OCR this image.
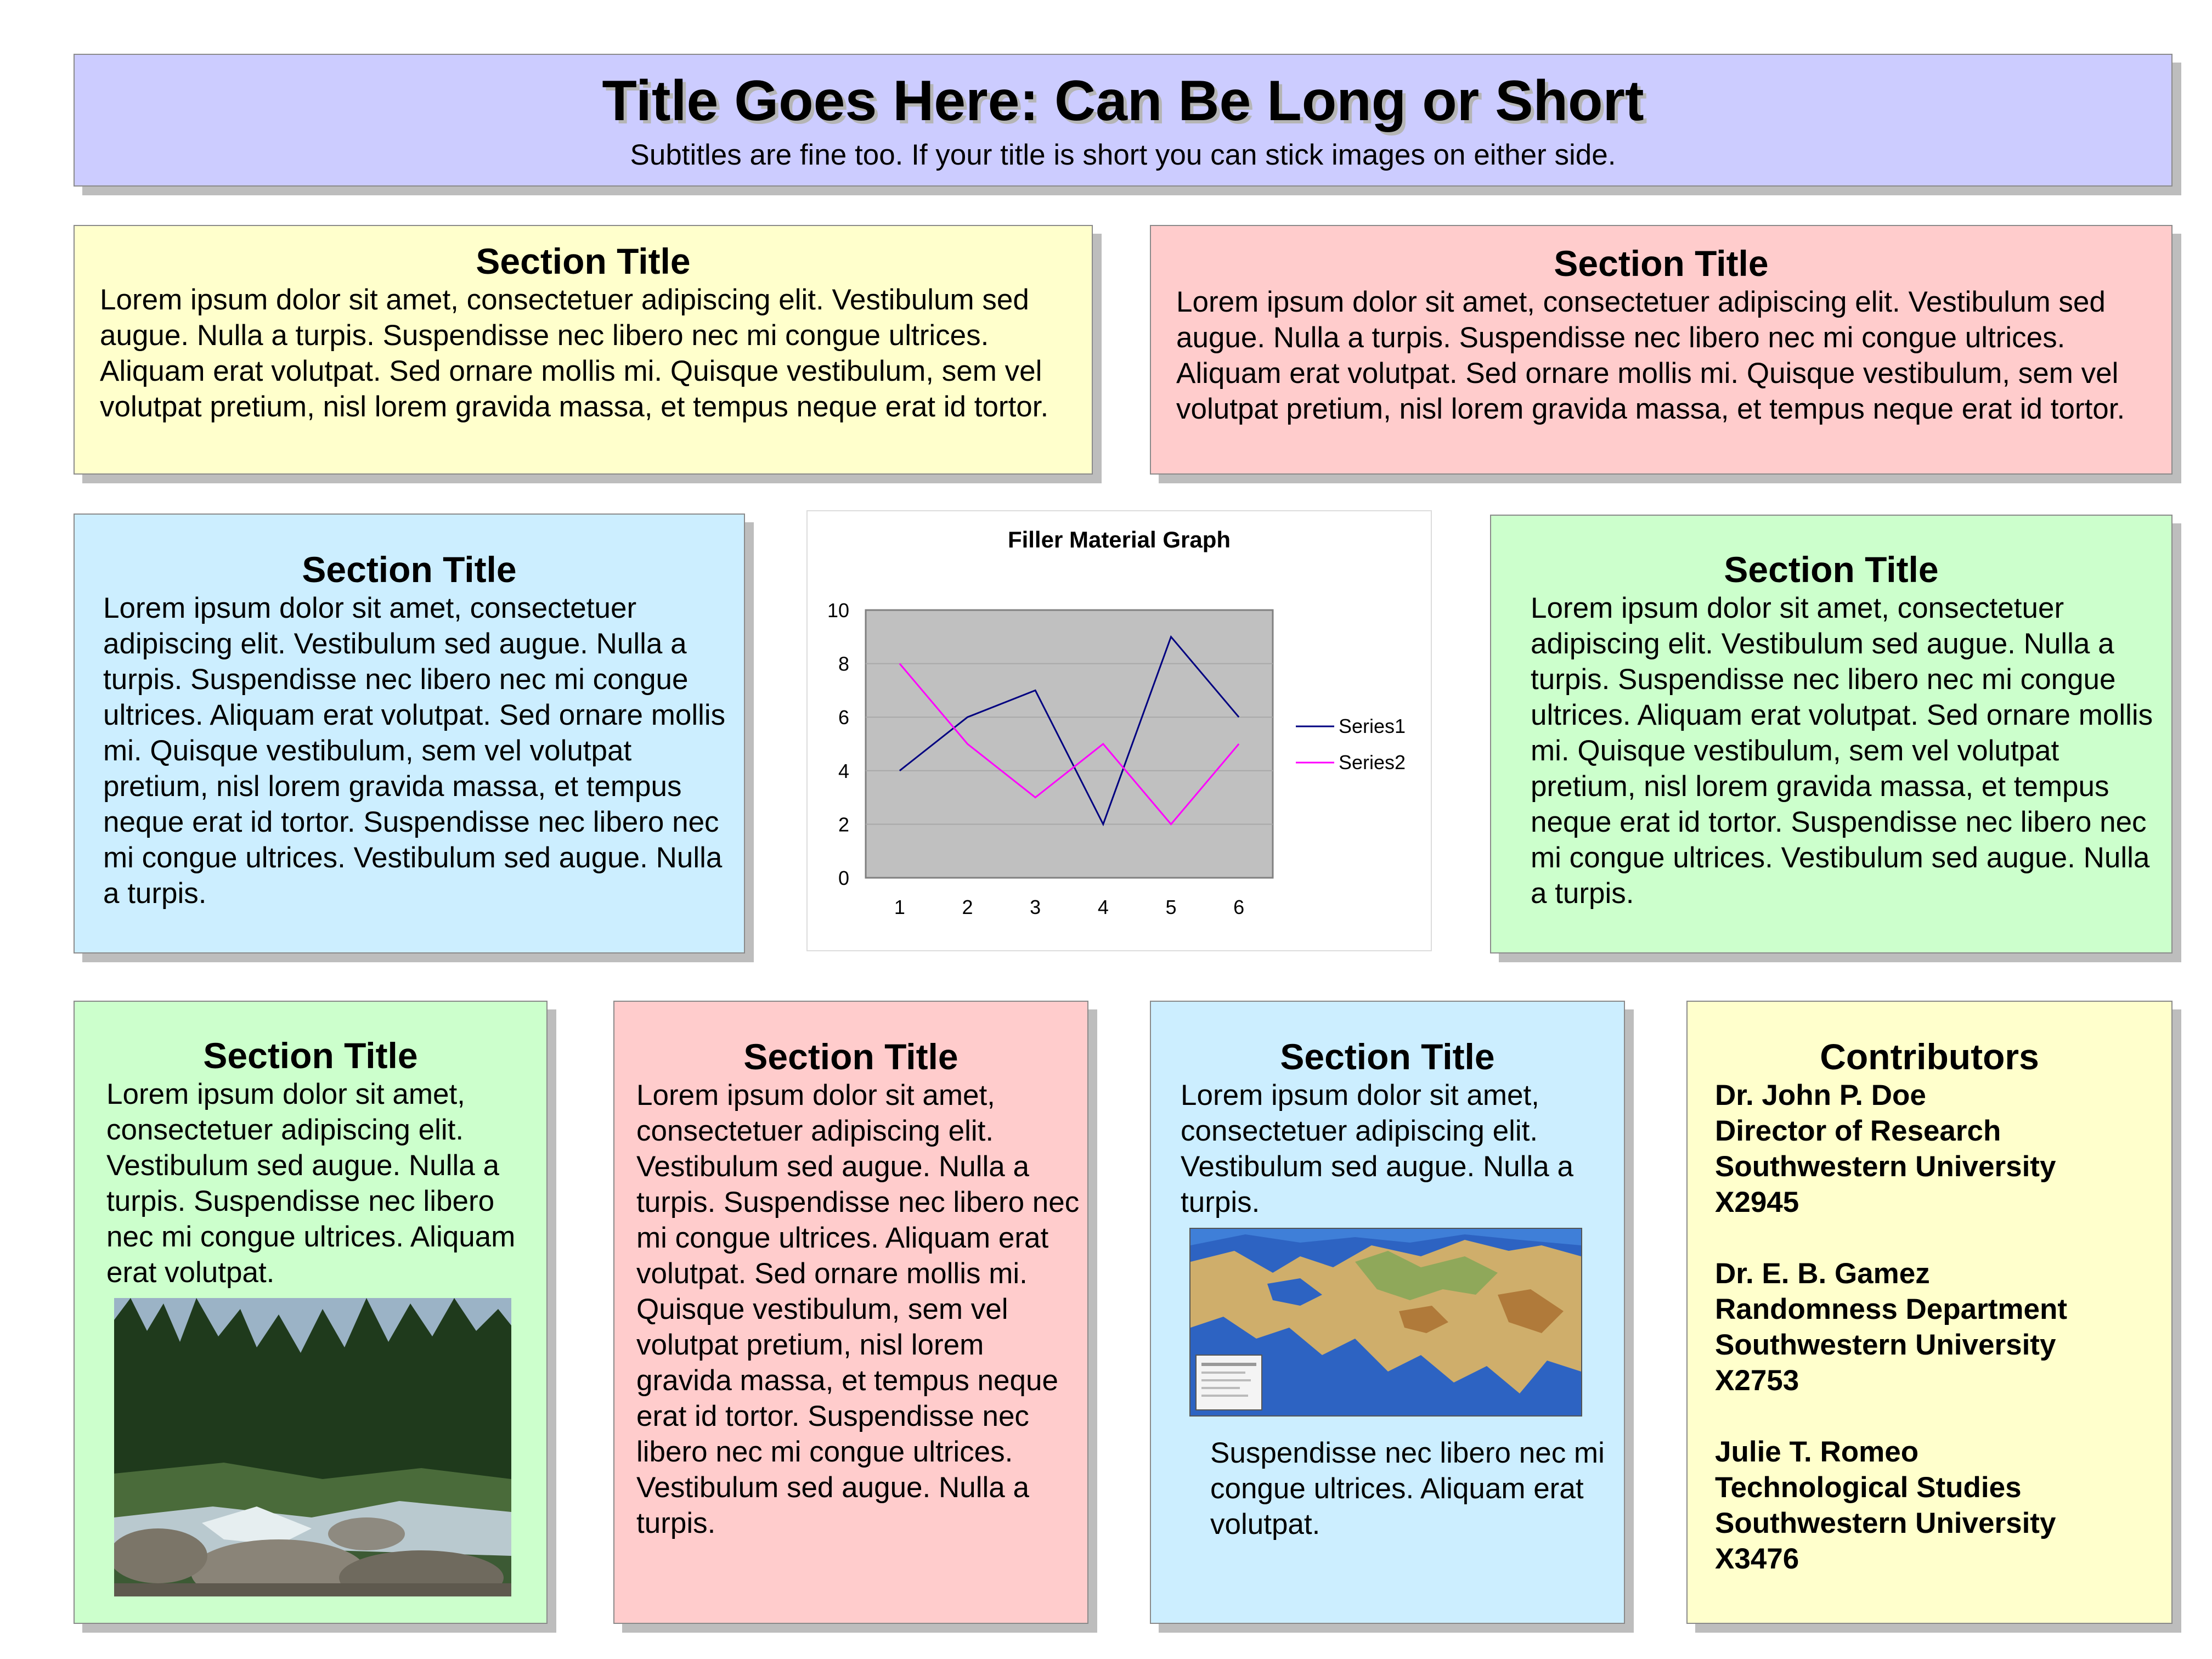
Title Goes Here: Can Be Long or Short
Subtitles are fine too. If your title is short you can stick images on either side.
Section Title
Lorem ipsum dolor sit amet, consectetuer adipiscing elit. Vestibulum sed augue. Nulla a turpis. Suspendisse nec libero nec mi congue ultrices. Aliquam erat volutpat. Sed ornare mollis mi. Quisque vestibulum, sem vel volutpat pretium, nisl lorem gravida massa, et tempus neque erat id tortor.
Section Title
Lorem ipsum dolor sit amet, consectetuer adipiscing elit. Vestibulum sed augue. Nulla a turpis. Suspendisse nec libero nec mi congue ultrices. Aliquam erat volutpat. Sed ornare mollis mi. Quisque vestibulum, sem vel volutpat pretium, nisl lorem gravida massa, et tempus neque erat id tortor.
Section Title
Lorem ipsum dolor sit amet, consectetuer adipiscing elit. Vestibulum sed augue. Nulla a turpis. Suspendisse nec libero nec mi congue ultrices. Aliquam erat volutpat. Sed ornare mollis mi. Quisque vestibulum, sem vel volutpat pretium, nisl lorem gravida massa, et tempus neque erat id tortor. Suspendisse nec libero nec mi congue ultrices. Vestibulum sed augue. Nulla a turpis.
Filler Material Graph
0
2
4
6
8
10
1	2	3	4	5	6
Series1
Series2
Section Title
Lorem ipsum dolor sit amet, consectetuer adipiscing elit. Vestibulum sed augue. Nulla a turpis. Suspendisse nec libero nec mi congue ultrices. Aliquam erat volutpat. Sed ornare mollis mi. Quisque vestibulum, sem vel volutpat pretium, nisl lorem gravida massa, et tempus neque erat id tortor. Suspendisse nec libero nec mi congue ultrices. Vestibulum sed augue. Nulla a turpis.
Section Title
Lorem ipsum dolor sit amet, consectetuer adipiscing elit. Vestibulum sed augue. Nulla a turpis. Suspendisse nec libero nec mi congue ultrices. Aliquam erat volutpat.
Section Title
Lorem ipsum dolor sit amet, consectetuer adipiscing elit. Vestibulum sed augue. Nulla a turpis. Suspendisse nec libero nec mi congue ultrices. Aliquam erat volutpat. Sed ornare mollis mi. Quisque vestibulum, sem vel volutpat pretium, nisl lorem gravida massa, et tempus neque erat id tortor. Suspendisse nec libero nec mi congue ultrices. Vestibulum sed augue. Nulla a turpis.
Section Title
Lorem ipsum dolor sit amet, consectetuer adipiscing elit. Vestibulum sed augue. Nulla a turpis.
Suspendisse nec libero nec mi congue ultrices. Aliquam erat volutpat.
Contributors
Dr. John P. Doe
Director of Research
Southwestern University
X2945
Dr. E. B. Gamez
Randomness Department
Southwestern University
X2753
Julie T. Romeo
Technological Studies
Southwestern University
X3476
